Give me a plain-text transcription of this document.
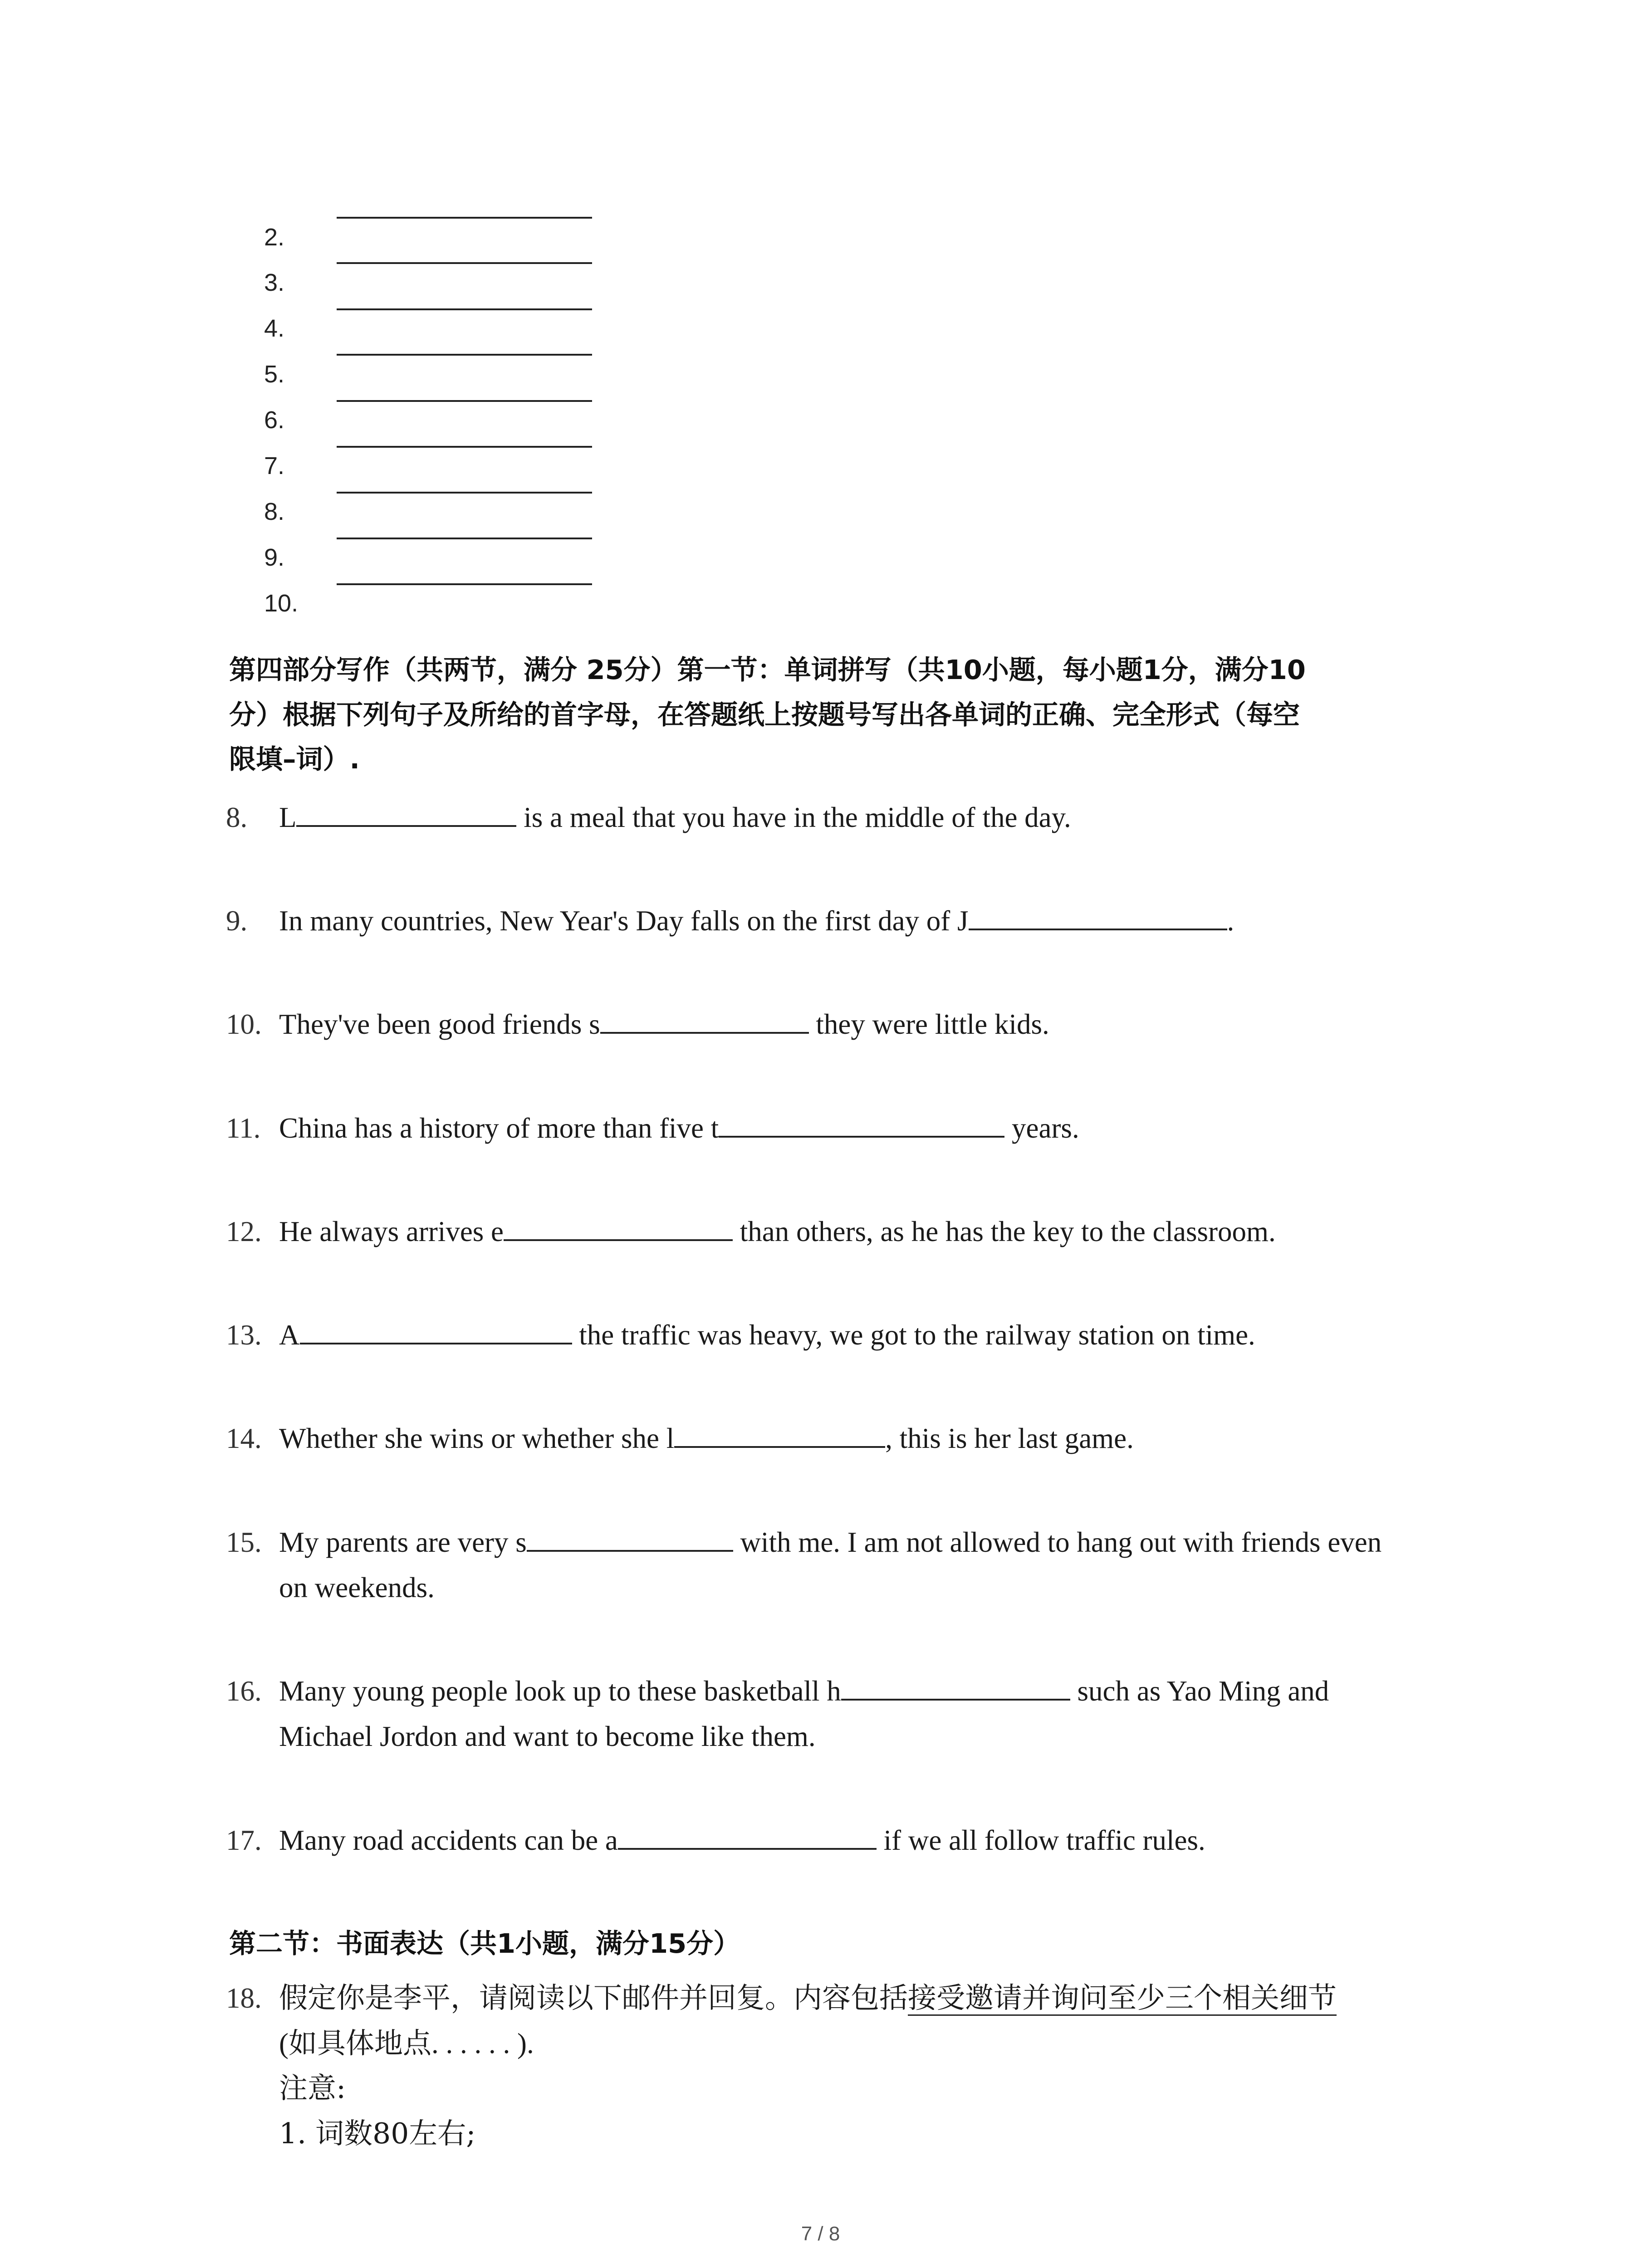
2.
3.
4.
5.
6.
7.
8.
9.
10.
第四部分写作（共两节，满分 25分）第一节：单词拼写（共10小题，每小题1分，满分10
分）根据下列句子及所给的首字母，在答题纸上按题号写出各单词的正确、完全形式（每空
限填–词）.
8. L	is a meal that you have in the middle of the day.
9. In many countries, New Year's Day falls on the first day of J	.
10. They've been good friends s	they were little kids.
11. China has a history of more than five t	years.
12. He always arrives e	than others, as he has the key to the classroom.
13. A	the traffic was heavy, we got to the railway station on time.
14. Whether she wins or whether she l	, this is her last game.
15. My parents are very s	with me. I am not allowed to hang out with friends even
on weekends.
16. Many young people look up to these basketball h	such as Yao Ming and
Michael Jordon and want to become like them.
17. Many road accidents can be a	if we all follow traffic rules.
第二节：书面表达（共1小题，满分15分）
18. 假定你是李平，请阅读以下邮件并回复。内容包括接受邀请并询问至少三个相关细节
(如具体地点. . . . . . ).
注意:
1. 词数80左右;
7 / 8
